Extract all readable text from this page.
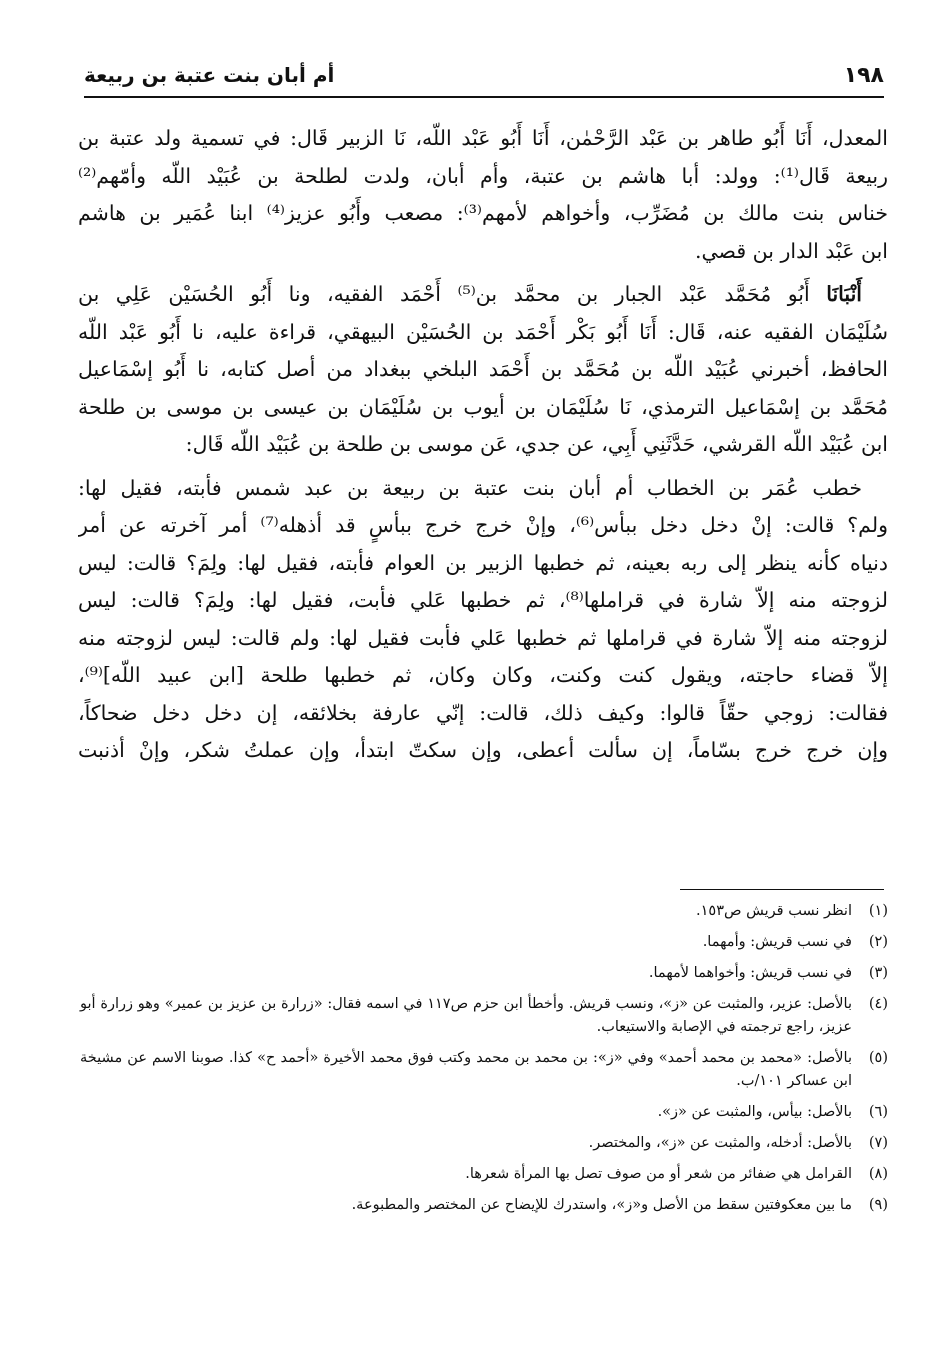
أم أبان بنت عتبة بن ربيعة	١٩٨
المعدل، أَنَا أَبُو طاهر بن عَبْد الرَّحْمٰن، أَنَا أَبُو عَبْد اللّه، نَا الزبير قَال: في تسمية ولد عتبة بن
ربيعة قَال⁽¹⁾: وولد: أبا هاشم بن عتبة، وأم أبان، ولدت لطلحة بن عُبَيْد اللّه وأمّهم⁽²⁾
خناس بنت مالك بن مُضَرِّب، وأخواهم لأمهم⁽³⁾: مصعب وأَبُو عزيز⁽⁴⁾ ابنا عُمَير بن هاشم
ابن عَبْد الدار بن قصي.
أَنْبَانَا أَبُو مُحَمَّد عَبْد الجبار بن محمَّد بن⁽⁵⁾ أَحْمَد الفقيه، ونا أَبُو الحُسَيْن عَلِي بن
سُلَيْمَان الفقيه عنه، قَال: أَنَا أَبُو بَكْر أَحْمَد بن الحُسَيْن البيهقي، قراءة عليه، نا أَبُو عَبْد اللّه
الحافظ، أخبرني عُبَيْد اللّه بن مُحَمَّد بن أَحْمَد البلخي ببغداد من أصل كتابه، نا أَبُو إسْمَاعيل
مُحَمَّد بن إسْمَاعيل الترمذي، نَا سُلَيْمَان بن أيوب بن سُلَيْمَان بن عيسى بن موسى بن طلحة
ابن عُبَيْد اللّه القرشي، حَدَّثَنِي أَبِي، عن جدي، عَن موسى بن طلحة بن عُبَيْد اللّه قَال:
خطب عُمَر بن الخطاب أم أبان بنت عتبة بن ربيعة بن عبد شمس فأبته، فقيل لها:
ولم؟ قالت: إنْ دخل دخل ببأس⁽⁶⁾، وإنْ خرج خرج ببأسٍ قد أذهله⁽⁷⁾ أمر آخرته عن أمر
دنياه كأنه ينظر إلى ربه بعينه، ثم خطبها الزبير بن العوام فأبته، فقيل لها: ولِمَ؟ قالت: ليس
لزوجته منه إلاّ شارة في قراملها⁽⁸⁾، ثم خطبها عَلي فأبت، فقيل لها: ولِمَ؟ قالت: ليس
لزوجته منه إلاّ شارة في قراملها ثم خطبها عَلي فأبت فقيل لها: ولم قالت: ليس لزوجته منه
إلاّ قضاء حاجته، ويقول كنت وكنت، وكان وكان، ثم خطبها طلحة [ابن عبيد اللّه]⁽⁹⁾،
فقالت: زوجي حقّاً قالوا: وكيف ذلك، قالت: إنّي عارفة بخلائقه، إن دخل دخل ضحاكاً،
وإن خرج خرج بسّاماً، إن سألت أعطى، وإن سكتّ ابتدأ، وإن عملتُ شكر، وإنْ أذنبت
(١)
انظر نسب قريش ص١٥٣.
(٢)
في نسب قريش: وأمهما.
(٣)
في نسب قريش: وأخواهما لأمهما.
(٤)
بالأصل: عزير، والمثبت عن «ز»، ونسب قريش. وأخطأ ابن حزم ص١١٧ في اسمه فقال: «زرارة بن عزيز بن عمير» وهو زرارة أبو عزيز، راجع ترجمته في الإصابة والاستيعاب.
(٥)
بالأصل: «محمد بن محمد أحمد» وفي «ز»: بن محمد بن محمد وكتب فوق محمد الأخيرة «أحمد ح» كذا. صوبنا الاسم عن مشيخة ابن عساكر ١٠١/ب.
(٦)
بالأصل: بيأس، والمثبت عن «ز».
(٧)
بالأصل: أدخله، والمثبت عن «ز»، والمختصر.
(٨)
القرامل هي ضفائر من شعر أو من صوف تصل بها المرأة شعرها.
(٩)
ما بين معكوفتين سقط من الأصل و«ز»، واستدرك للإيضاح عن المختصر والمطبوعة.
